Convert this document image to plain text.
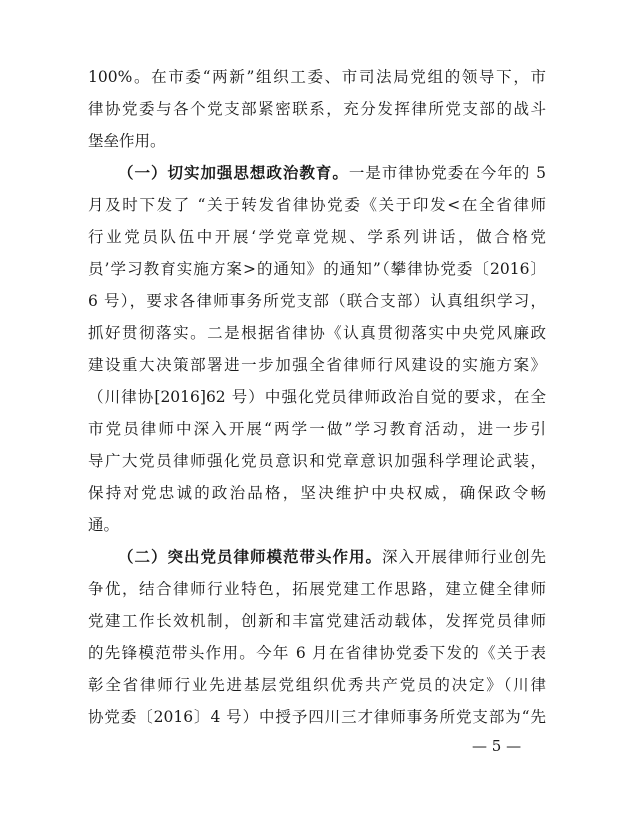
100%。在市委“两新”组织工委、市司法局党组的领导下，市
律协党委与各个党支部紧密联系，充分发挥律所党支部的战斗
堡垒作用。
（一）切实加强思想政治教育。一是市律协党委在今年的 5
月及时下发了 “关于转发省律协党委《关于印发<在全省律师
行业党员队伍中开展‘学党章党规、学系列讲话，做合格党
员’学习教育实施方案>的通知》的通知”（攀律协党委〔2016〕
6 号），要求各律师事务所党支部（联合支部）认真组织学习，
抓好贯彻落实。二是根据省律协《认真贯彻落实中央党风廉政
建设重大决策部署进一步加强全省律师行风建设的实施方案》
（川律协[2016]62 号）中强化党员律师政治自觉的要求，在全
市党员律师中深入开展“两学一做”学习教育活动，进一步引
导广大党员律师强化党员意识和党章意识加强科学理论武装，
保持对党忠诚的政治品格，坚决维护中央权威，确保政令畅
通。
（二）突出党员律师模范带头作用。深入开展律师行业创先
争优，结合律师行业特色，拓展党建工作思路，建立健全律师
党建工作长效机制，创新和丰富党建活动载体，发挥党员律师
的先锋模范带头作用。今年 6 月在省律协党委下发的《关于表
彰全省律师行业先进基层党组织优秀共产党员的决定》（川律
协党委〔2016〕4 号）中授予四川三才律师事务所党支部为“先
— 5 —
